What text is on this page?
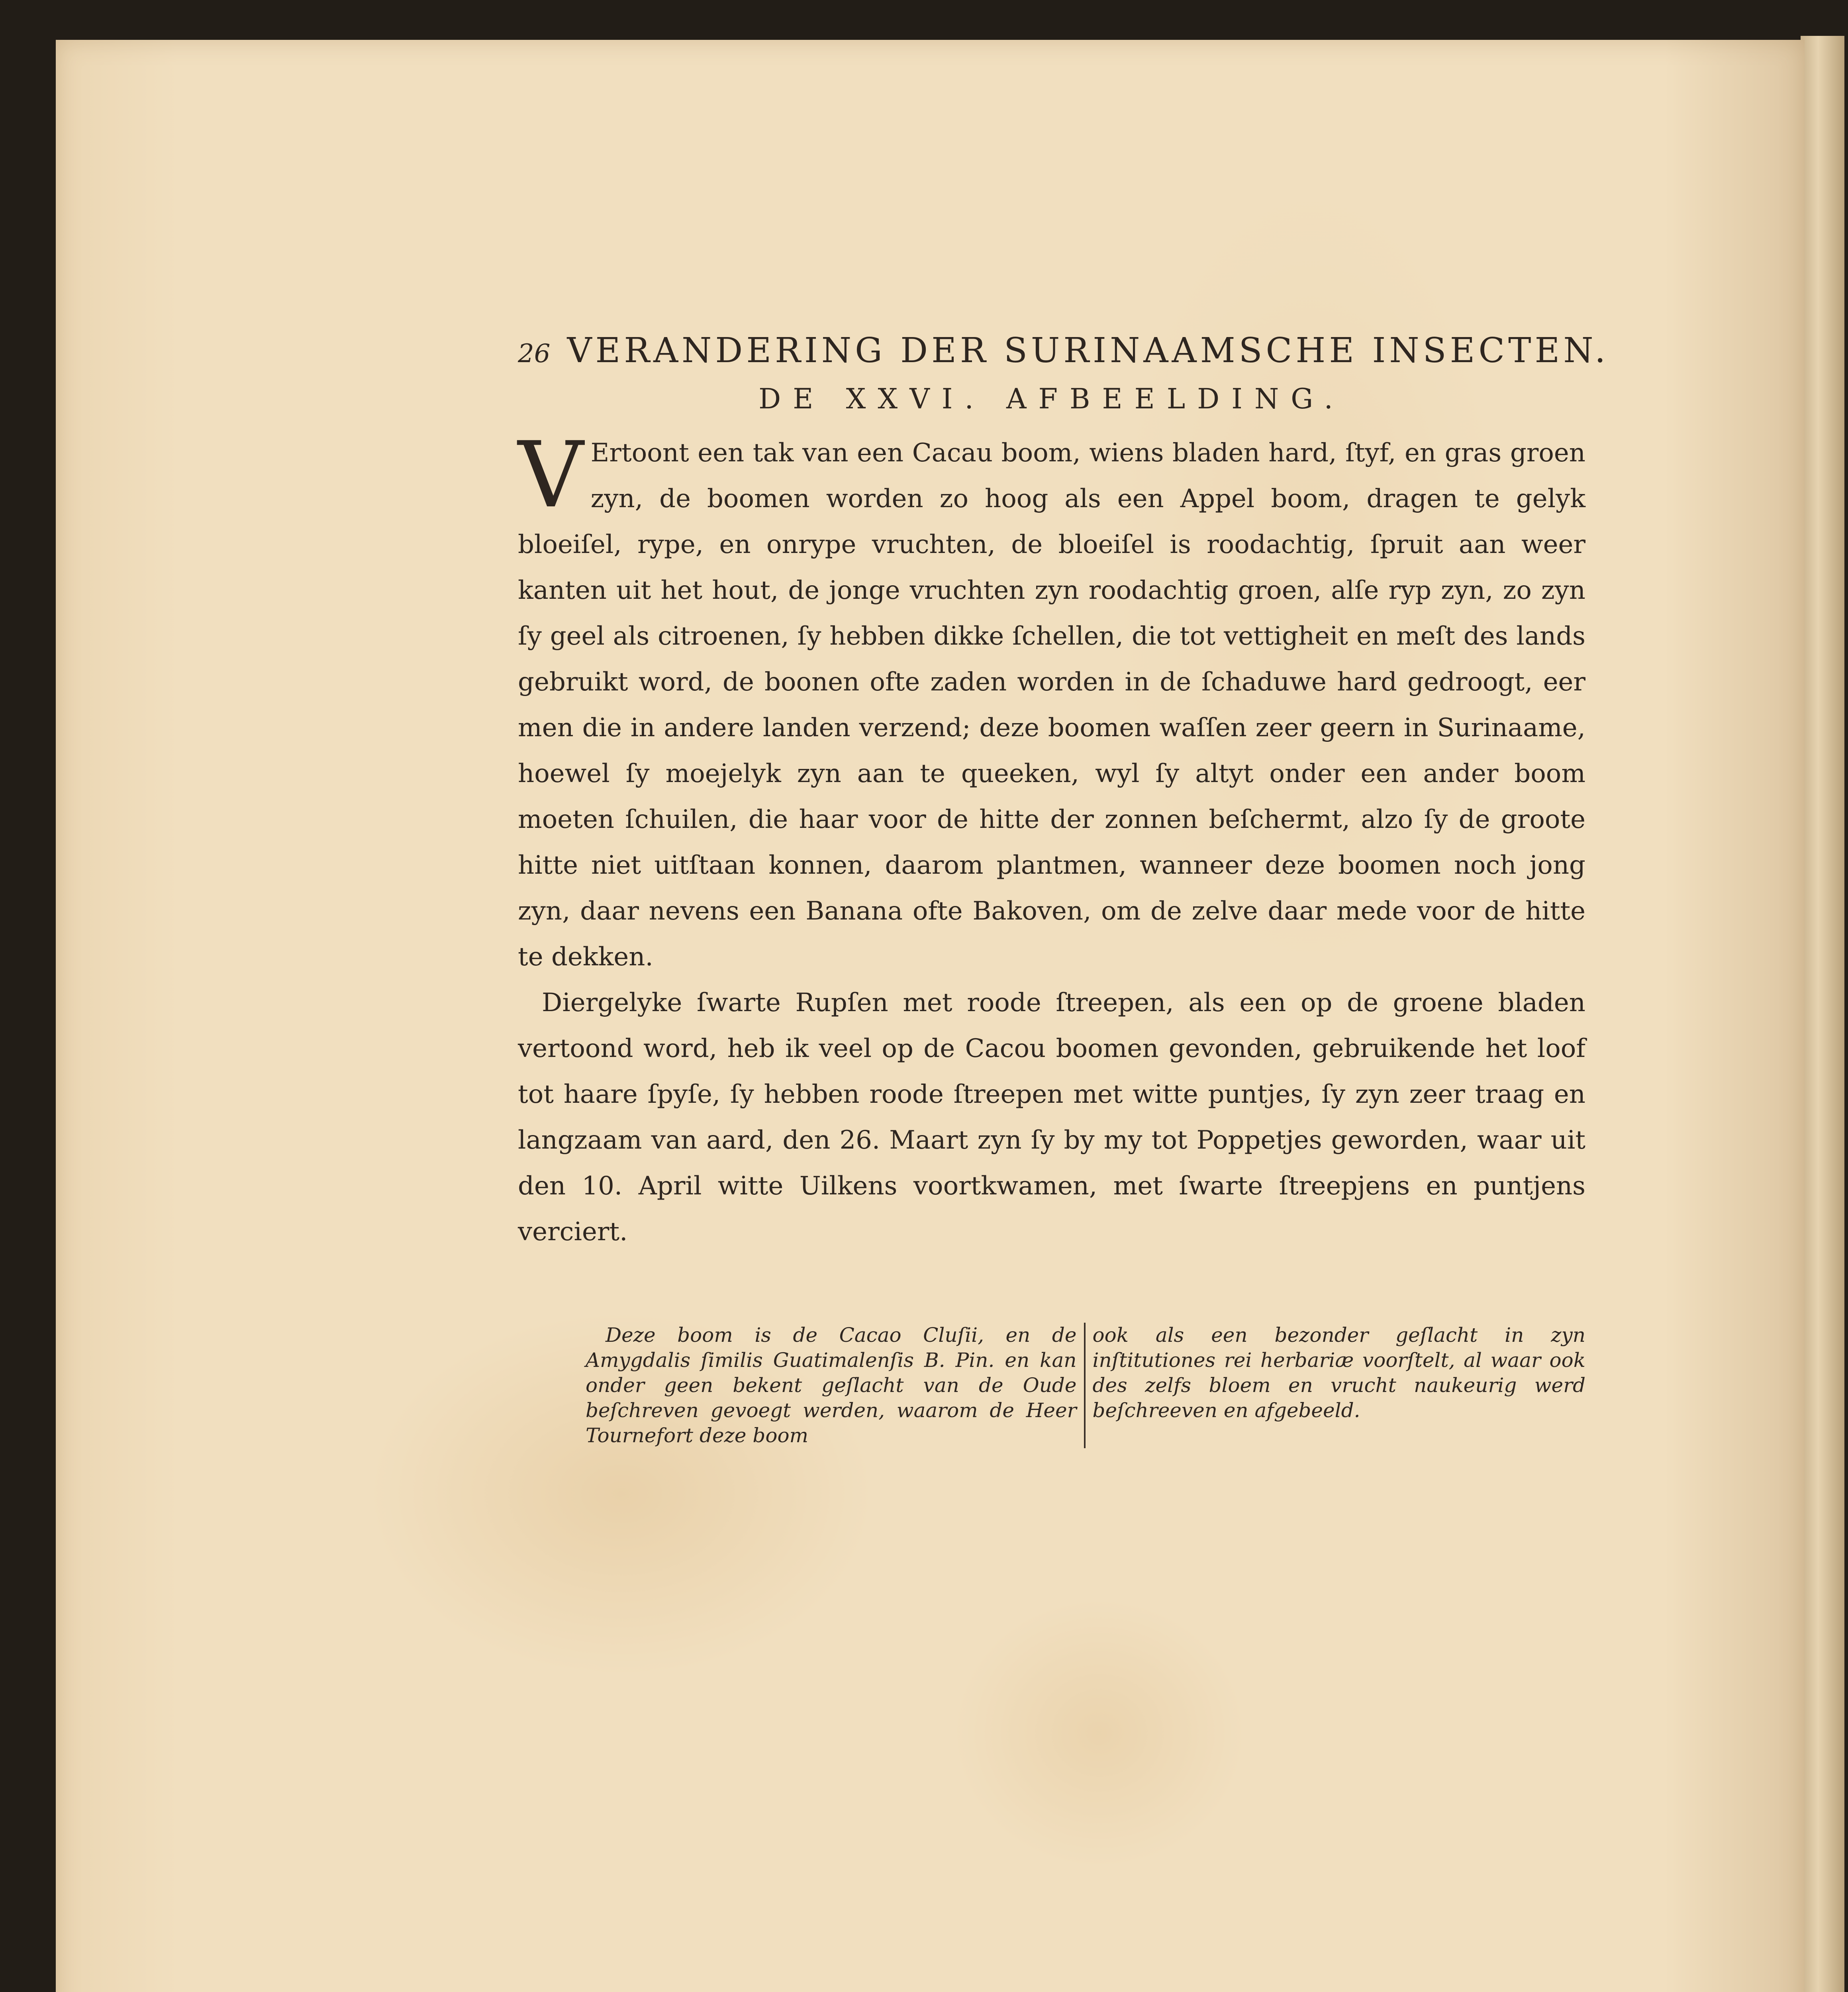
26 VERANDERING DER SURINAAMSCHE INSECTEN.
DE XXVI. AFBEELDING.

V Ertoont een tak van een Cacau boom, wiens bladen hard, ſtyf, en gras groen zyn, de boomen worden zo hoog als een Appel boom, dragen te gelyk bloeiſel, rype, en onrype vruchten, de bloeiſel is roodachtig, ſpruit aan weer kanten uit het hout, de jonge vruchten zyn roodachtig groen, alſe ryp zyn, zo zyn ſy geel als citroenen, ſy hebben dikke ſchellen, die tot vettigheit en meſt des lands gebruikt word, de boonen ofte zaden worden in de ſchaduwe hard gedroogt, eer men die in andere landen verzend; deze boomen waſſen zeer geern in Surinaame, hoewel ſy moejelyk zyn aan te queeken, wyl ſy altyt onder een ander boom moeten ſchuilen, die haar voor de hitte der zonnen beſchermt, alzo ſy de groote hitte niet uitſtaan konnen, daarom plantmen, wanneer deze boomen noch jong zyn, daar nevens een Banana ofte Bakoven, om de zelve daar mede voor de hitte te dekken.

Diergelyke ſwarte Rupſen met roode ſtreepen, als een op de groene bladen vertoond word, heb ik veel op de Cacou boomen gevonden, gebruikende het loof tot haare ſpyſe, ſy hebben roode ſtreepen met witte puntjes, ſy zyn zeer traag en langzaam van aard, den 26. Maart zyn ſy by my tot Poppetjes geworden, waar uit den 10. April witte Uilkens voortkwamen, met ſwarte ſtreepjens en puntjens verciert.

Deze boom is de Cacao Cluſii, en de Amygdalis ſimilis Guatimalenſis B. Pin. en kan onder geen bekent geſlacht van de Oude beſchreven gevoegt werden, waarom de Heer Tournefort deze boom
ook als een bezonder geſlacht in zyn inſtitutiones rei herbariæ voorſtelt, al waar ook des zelfs bloem en vrucht naukeurig werd beſchreeven en afgebeeld.
